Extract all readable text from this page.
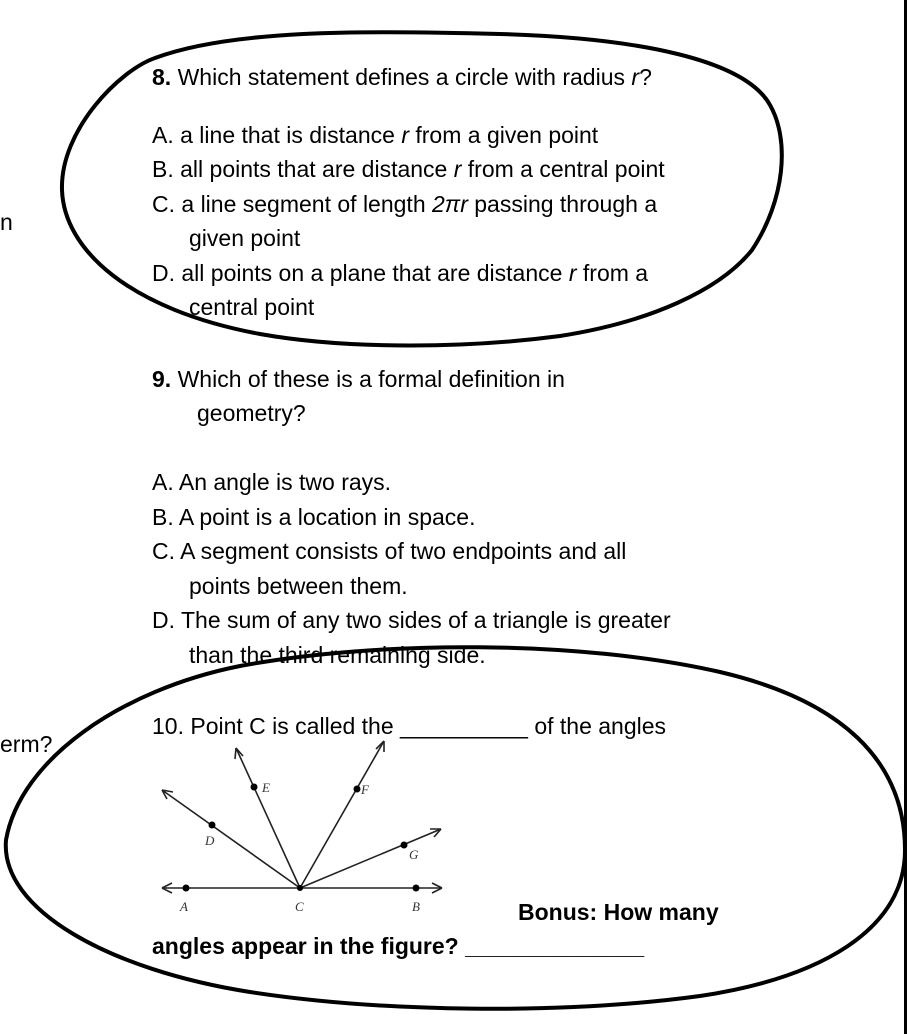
n
erm?
8. Which statement defines a circle with radius r?
A. a line that is distance r from a given point
B. all points that are distance r from a central point
C. a line segment of length 2πr passing through a
given point
D. all points on a plane that are distance r from a
central point
9. Which of these is a formal definition in
geometry?
A. An angle is two rays.
B. A point is a location in space.
C. A segment consists of two endpoints and all
points between them.
D. The sum of any two sides of a triangle is greater
than the third remaining side.
10. Point C is called the __________ of the angles
Bonus: How many
angles appear in the figure? ______________
A	C	B
D
E	F
G
